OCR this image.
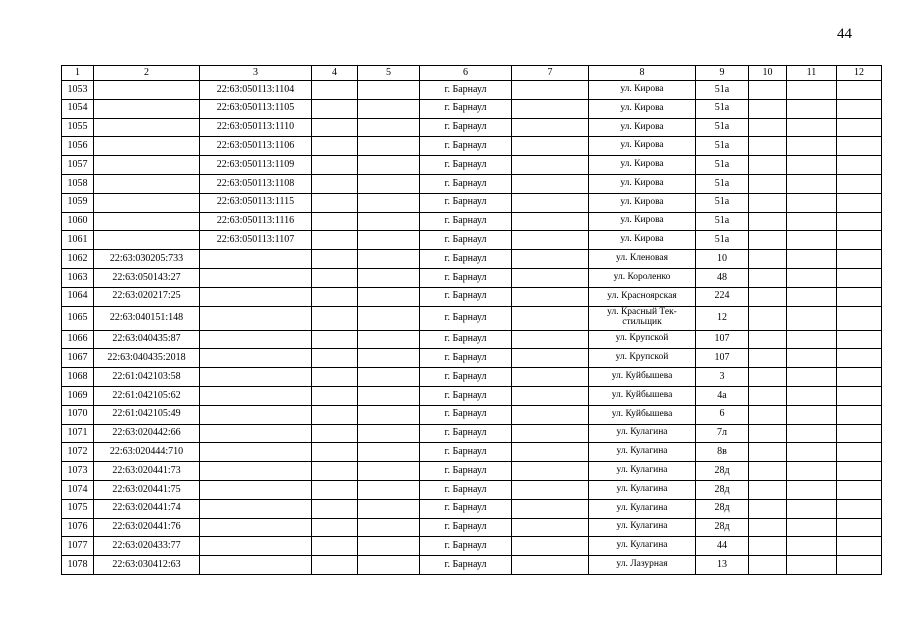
44
1	2	3	4	5	6	7	8	9	10	11	12
1053		22:63:050113:1104			г. Барнаул		ул. Кирова	51а			
1054		22:63:050113:1105			г. Барнаул		ул. Кирова	51а			
1055		22:63:050113:1110			г. Барнаул		ул. Кирова	51а			
1056		22:63:050113:1106			г. Барнаул		ул. Кирова	51а			
1057		22:63:050113:1109			г. Барнаул		ул. Кирова	51а			
1058		22:63:050113:1108			г. Барнаул		ул. Кирова	51а			
1059		22:63:050113:1115			г. Барнаул		ул. Кирова	51а			
1060		22:63:050113:1116			г. Барнаул		ул. Кирова	51а			
1061		22:63:050113:1107			г. Барнаул		ул. Кирова	51а			
1062	22:63:030205:733				г. Барнаул		ул. Кленовая	10			
1063	22:63:050143:27				г. Барнаул		ул. Короленко	48			
1064	22:63:020217:25				г. Барнаул		ул. Красноярская	224			
1065	22:63:040151:148				г. Барнаул		ул. Красный Тек-
стильщик	12			
1066	22:63:040435:87				г. Барнаул		ул. Крупской	107			
1067	22:63:040435:2018				г. Барнаул		ул. Крупской	107			
1068	22:61:042103:58				г. Барнаул		ул. Куйбышева	3			
1069	22:61:042105:62				г. Барнаул		ул. Куйбышева	4а			
1070	22:61:042105:49				г. Барнаул		ул. Куйбышева	6			
1071	22:63:020442:66				г. Барнаул		ул. Кулагина	7л			
1072	22:63:020444:710				г. Барнаул		ул. Кулагина	8в			
1073	22:63:020441:73				г. Барнаул		ул. Кулагина	28д			
1074	22:63:020441:75				г. Барнаул		ул. Кулагина	28д			
1075	22:63:020441:74				г. Барнаул		ул. Кулагина	28д			
1076	22:63:020441:76				г. Барнаул		ул. Кулагина	28д			
1077	22:63:020433:77				г. Барнаул		ул. Кулагина	44			
1078	22:63:030412:63				г. Барнаул		ул. Лазурная	13			
